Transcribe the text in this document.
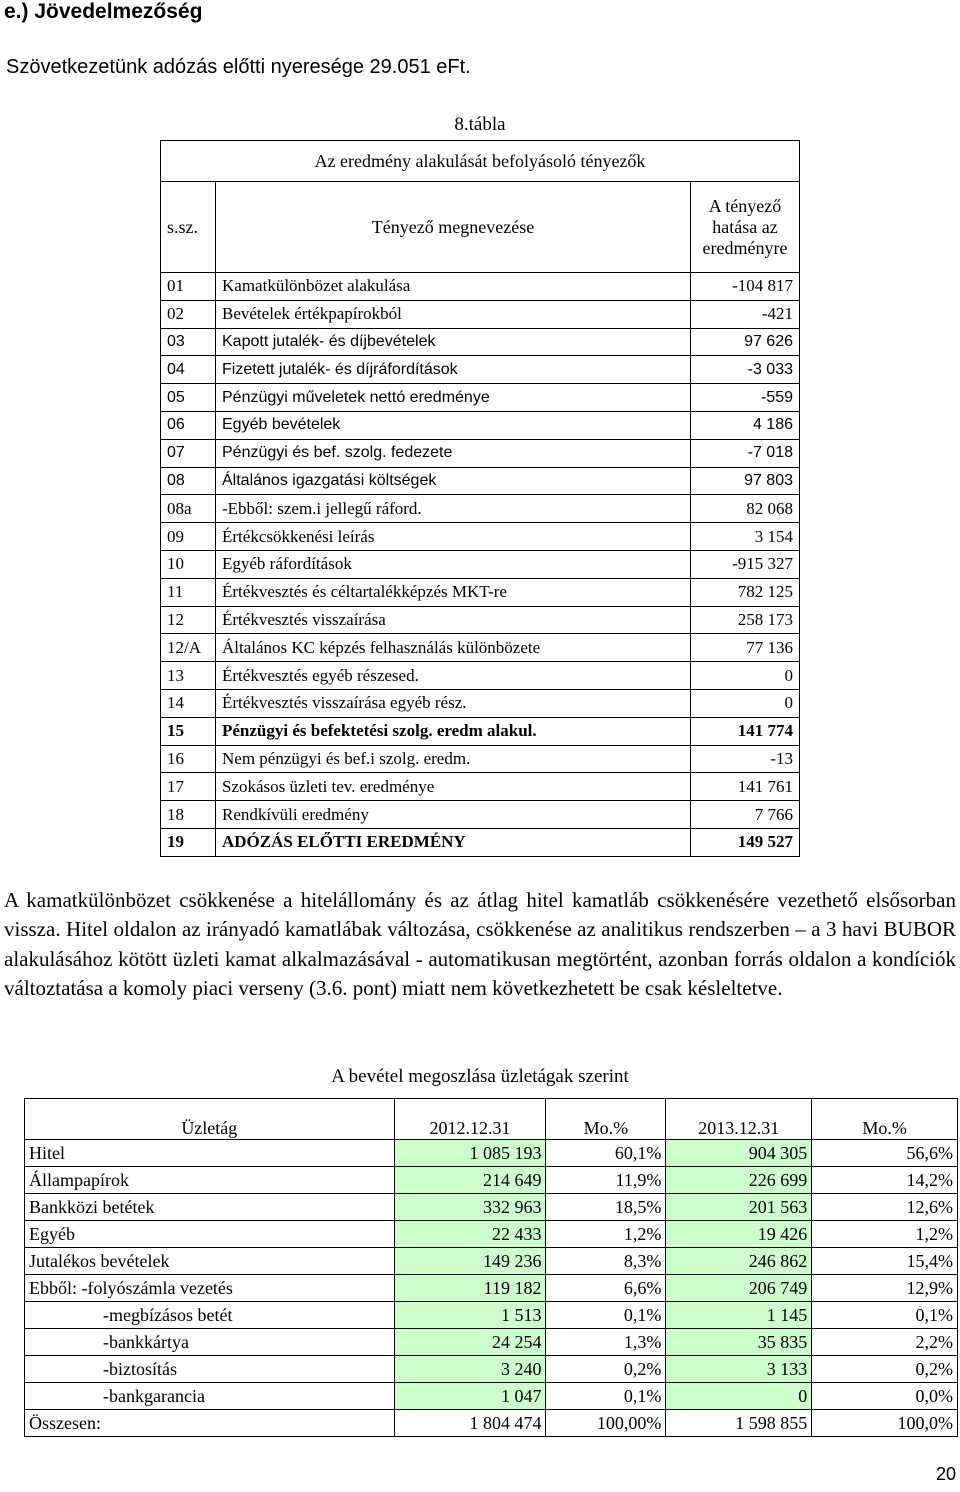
e.) Jövedelmezőség
Szövetkezetünk adózás előtti nyeresége 29.051 eFt.
8.tábla
Az eredmény alakulását befolyásoló tényezők		
s.sz.	Tényező megnevezése	A tényező hatása az eredményre
01	Kamatkülönbözet alakulása	-104 817
02	Bevételek értékpapírokból	-421
03	Kapott jutalék- és díjbevételek	97 626
04	Fizetett jutalék- és díjráfordítások	-3 033
05	Pénzügyi műveletek nettó eredménye	-559
06	Egyéb bevételek	4 186
07	Pénzügyi és bef. szolg. fedezete	-7 018
08	Általános igazgatási költségek	97 803
08a	-Ebből: szem.i jellegű ráford.	82 068
09	Értékcsökkenési leírás	3 154
10	Egyéb ráfordítások	-915 327
11	Értékvesztés és céltartalékképzés MKT-re	782 125
12	Értékvesztés visszaírása	258 173
12/A	Általános KC képzés felhasználás különbözete	77 136
13	Értékvesztés egyéb részesed.	0
14	Értékvesztés visszaírása egyéb rész.	0
15	Pénzügyi és befektetési szolg. eredm alakul.	141 774
16	Nem pénzügyi és bef.i szolg. eredm.	-13
17	Szokásos üzleti tev. eredménye	141 761
18	Rendkívüli eredmény	7 766
19	ADÓZÁS ELŐTTI EREDMÉNY	149 527
A kamatkülönbözet csökkenése a hitelállomány és az átlag hitel kamatláb csökkenésére vezethető elsősorban vissza. Hitel oldalon az irányadó kamatlábak változása, csökkenése az analitikus rendszerben – a 3 havi BUBOR alakulásához kötött üzleti kamat alkalmazásával - automatikusan megtörtént, azonban forrás oldalon a kondíciók változtatása a komoly piaci verseny (3.6. pont) miatt nem következhetett be csak késleltetve.
A bevétel megoszlása üzletágak szerint
Üzletág	2012.12.31	Mo.%	2013.12.31	Mo.%
Hitel	1 085 193	60,1%	904 305	56,6%
Állampapírok	214 649	11,9%	226 699	14,2%
Bankközi betétek	332 963	18,5%	201 563	12,6%
Egyéb	22 433	1,2%	19 426	1,2%
Jutalékos bevételek	149 236	8,3%	246 862	15,4%
Ebből: -folyószámla vezetés	119 182	6,6%	206 749	12,9%
-megbízásos betét	1 513	0,1%	1 145	0,1%
-bankkártya	24 254	1,3%	35 835	2,2%
-biztosítás	3 240	0,2%	3 133	0,2%
-bankgarancia	1 047	0,1%	0	0,0%
Összesen:	1 804 474	100,00%	1 598 855	100,0%
20
